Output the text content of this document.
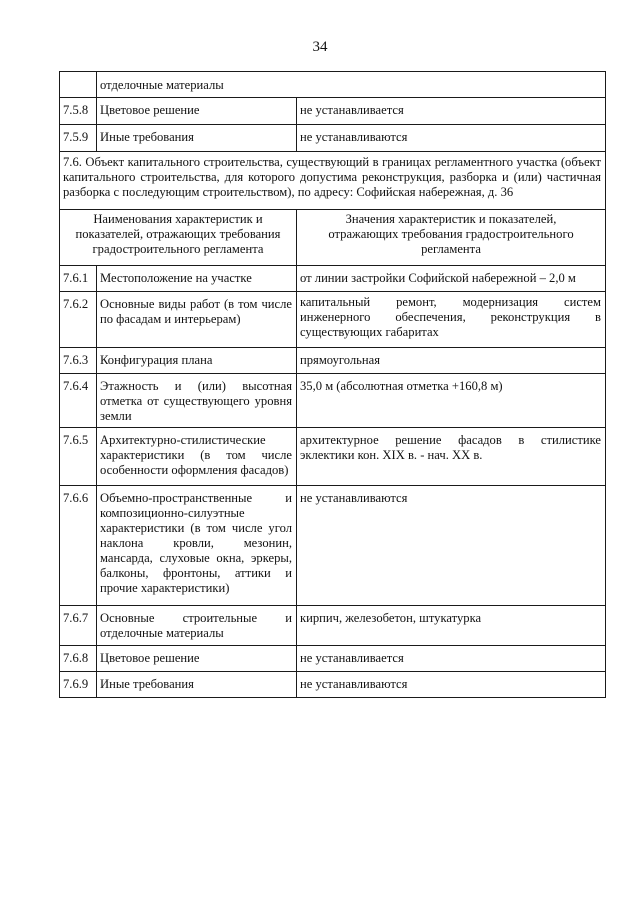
34
	отделочные материалы	
7.5.8	Цветовое решение	не устанавливается
7.5.9	Иные требования	не устанавливаются
7.6. Объект капитального строительства, существующий в границах регламентного участка (объект капитального строительства, для которого допустима реконструкция, разборка и (или) частичная разборка с последующим строительством), по адресу: Софийская набережная, д. 36		
Наименования характеристик и показателей, отражающих требования градостроительного регламента		Значения характеристик и показателей, отражающих требования градостроительного регламента
7.6.1	Местоположение на участке	от линии застройки Софийской набережной – 2,0 м
7.6.2	Основные виды работ (в том числе по фасадам и интерьерам)	капитальный ремонт, модернизация систем инженерного обеспечения, реконструкция в существующих габаритах
7.6.3	Конфигурация плана	прямоугольная
7.6.4	Этажность и (или) высотная отметка от существующего уровня земли	35,0 м (абсолютная отметка +160,8 м)
7.6.5	Архитектурно-стилистические характеристики (в том числе особенности оформления фасадов)	архитектурное решение фасадов в стилистике эклектики кон. XIX в. - нач. XX в.
7.6.6	Объемно-пространственные и композиционно-силуэтные характеристики (в том числе угол наклона кровли, мезонин, мансарда, слуховые окна, эркеры, балконы, фронтоны, аттики и прочие характеристики)	не устанавливаются
7.6.7	Основные строительные и отделочные материалы	кирпич, железобетон, штукатурка
7.6.8	Цветовое решение	не устанавливается
7.6.9	Иные требования	не устанавливаются
